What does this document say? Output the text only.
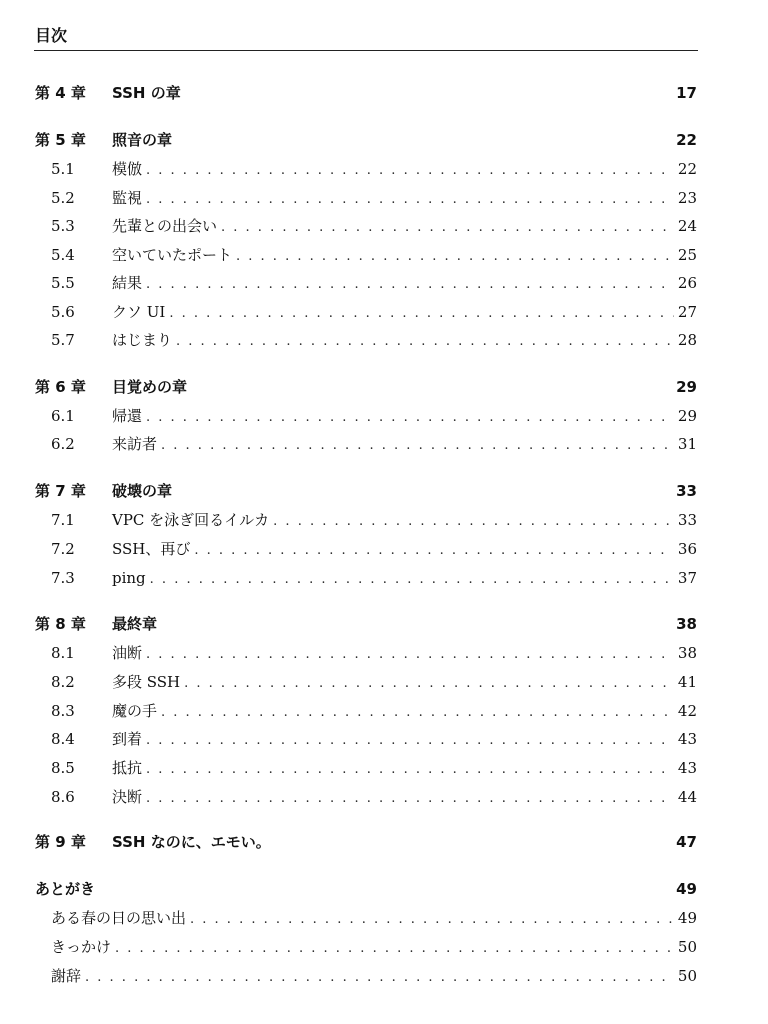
目次
第 4 章 SSH の章	17
第 5 章 照音の章	22
5.1 模倣 . . .	22
5.2 監視 . . .	23
5.3 先輩との出会い . . .	24
5.4 空いていたポート . . .	25
5.5 結果 . . .	26
5.6 クソ UI . . .	27
5.7 はじまり . . .	28
第 6 章 目覚めの章	29
6.1 帰還 . . .	29
6.2 来訪者 . . .	31
第 7 章 破壊の章	33
7.1 VPC を泳ぎ回るイルカ . . .	33
7.2 SSH、再び . . .	36
7.3 ping . . .	37
第 8 章 最終章	38
8.1 油断 . . .	38
8.2 多段 SSH . . .	41
8.3 魔の手 . . .	42
8.4 到着 . . .	43
8.5 抵抗 . . .	43
8.6 決断 . . .	44
第 9 章 SSH なのに、エモい。	47
あとがき	49
ある春の日の思い出 . . .	49
きっかけ . . .	50
謝辞 . . .	50
